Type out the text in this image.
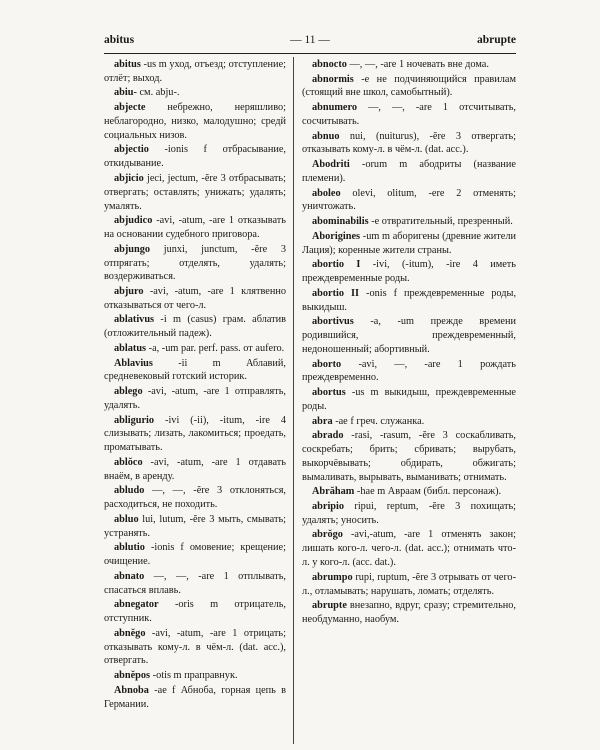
abitus	— 11 —	abrupte

abitus -us m уход, отъезд; отступление; отлёт; выход.

abiu- см. abju-.

abjecte небрежно, неряшливо; неблагородно, низко, малодушно; средй социальных низов.

abjectio -ionis f отбрасывание, откидывание.

abjicio jeci, jectum, -ĕre 3 отбрасывать; отвергать; оставлять; унижать; удалять; умалять.

abjudico -avi, -atum, -are 1 отказывать на основании судебного приговора.

abjungo junxi, junctum, -ĕre 3 отпрягать; отделять, удалять; воздерживаться.

abjuro -avi, -atum, -are 1 клятвенно отказываться от чего-л.

ablativus -i m (casus) грам. аблатив (отложительный падеж).

ablatus -a, -um par. perf. pass. от aufero.

Ablavius -ii m Аблавий, средневековый готский историк.

ablego -avi, -atum, -are 1 отправлять, удалять.

abligurio -ivi (-ii), -itum, -ire 4 слизывать; лизать, лакомиться; проедать, проматывать.

ablŏco -avi, -atum, -are 1 отдавать внаём, в аренду.

abludo —, —, -ĕre 3 отклоняться, расходиться, не походить.

abluo lui, lutum, -ĕre 3 мыть, смывать; устранять.

ablutio -ionis f омовение; крещение; очищение.

abnato —, —, -are 1 отплывать, спасаться вплавь.

abnegator -oris m отрицатель, отступник.

abnĕgo -avi, -atum, -are 1 отрицать; отказывать кому-л. в чём-л. (dat. acc.), отвергать.

abnĕpos -otis m праправнук.

Abnoba -ae f Абноба, горная цепь в Германии.

abnocto —, —, -are 1 ночевать вне дома.

abnormis -e не подчиняющийся правилам (стоящий вне школ, самобытный).

abnumero —, —, -are 1 отсчитывать, сосчитывать.

abnuo nui, (nuiturus), -ĕre 3 отвергать; отказывать кому-л. в чём-л. (dat. acc.).

Abodriti -orum m абодриты (название племени).

aboleo olevi, olitum, -ere 2 отменять; уничтожать.

abominabilis -e отвратительный, презренный.

Aborigines -um m аборигены (древние жители Лация); коренные жители страны.

abortio I -ivi, (-itum), -ire 4 иметь преждевременные роды.

abortio II -onis f преждевременные роды, выкидыш.

abortivus -a, -um прежде времени родившийся, преждевременный, недоношенный; абортивный.

aborto -avi, —, -are 1 рождать преждевременно.

abortus -us m выкидыш, преждевременные роды.

abra -ae f греч. служанка.

abrado -rasi, -rasum, -ĕre 3 соскабливать, соскребать; брить; сбривать; вырубать, выкорчёвывать; обдирать, обжигать; вымаливать, вырывать, выманивать; отнимать.

Abrăham -hae m Авраам (библ. персонаж).

abripio ripui, reptum, -ĕre 3 похищать; удалять; уносить.

abrŏgo -avi,-atum, -are 1 отменять закон; лишать кого-л. чего-л. (dat. acc.); отнимать что-л. у кого-л. (acc. dat.).

abrumpo rupi, ruptum, -ĕre 3 отрывать от чего-л., отламывать; нарушать, ломать; отделять.

abrupte внезапно, вдруг, сразу; стремительно, необдуманно, наобум.
